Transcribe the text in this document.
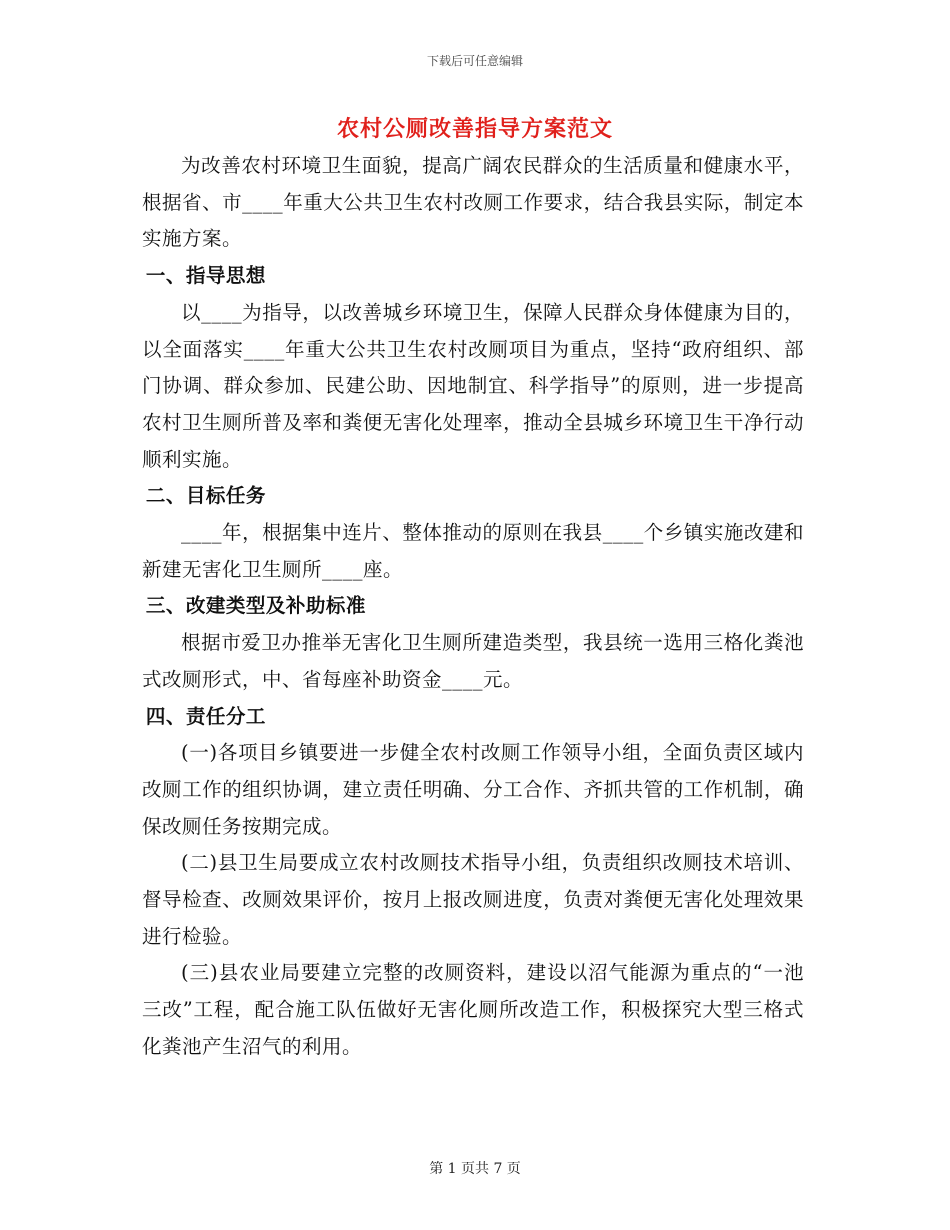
下载后可任意编辑
农村公厕改善指导方案范文

为改善农村环境卫生面貌，提高广阔农民群众的生活质量和健康水平，根据省、市____年重大公共卫生农村改厕工作要求，结合我县实际，制定本实施方案。

一、指导思想

以____为指导，以改善城乡环境卫生，保障人民群众身体健康为目的，以全面落实____年重大公共卫生农村改厕项目为重点，坚持“政府组织、部门协调、群众参加、民建公助、因地制宜、科学指导”的原则，进一步提高农村卫生厕所普及率和粪便无害化处理率，推动全县城乡环境卫生干净行动顺利实施。

二、目标任务

____年，根据集中连片、整体推动的原则在我县____个乡镇实施改建和新建无害化卫生厕所____座。

三、改建类型及补助标准

根据市爱卫办推举无害化卫生厕所建造类型，我县统一选用三格化粪池式改厕形式，中、省每座补助资金____元。

四、责任分工

(一)各项目乡镇要进一步健全农村改厕工作领导小组，全面负责区域内改厕工作的组织协调，建立责任明确、分工合作、齐抓共管的工作机制，确保改厕任务按期完成。

(二)县卫生局要成立农村改厕技术指导小组，负责组织改厕技术培训、督导检查、改厕效果评价，按月上报改厕进度，负责对粪便无害化处理效果进行检验。

(三)县农业局要建立完整的改厕资料，建设以沼气能源为重点的“一池三改”工程，配合施工队伍做好无害化厕所改造工作，积极探究大型三格式化粪池产生沼气的利用。

第 1 页共 7 页
